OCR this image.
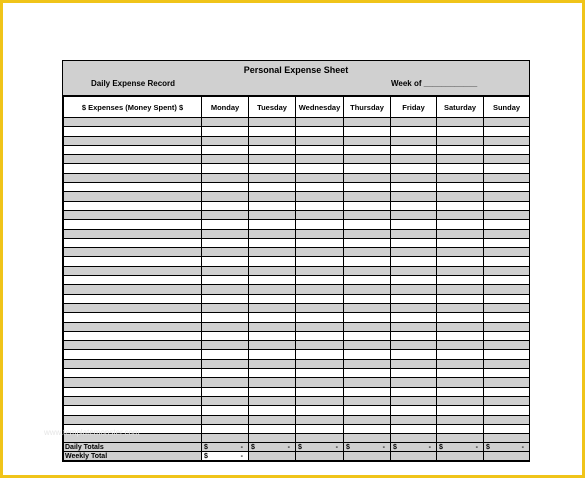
Personal Expense Sheet
Daily Expense Record	Week of ____________
$ Expenses (Money Spent) $	Monday	Tuesday	Wednesday	Thursday	Friday	Saturday	Sunday

Daily Totals	$ -	$ -	$ -	$ -	$ -	$ -	$ -

Weekly Total	$ -						

www.templatemonster.com
